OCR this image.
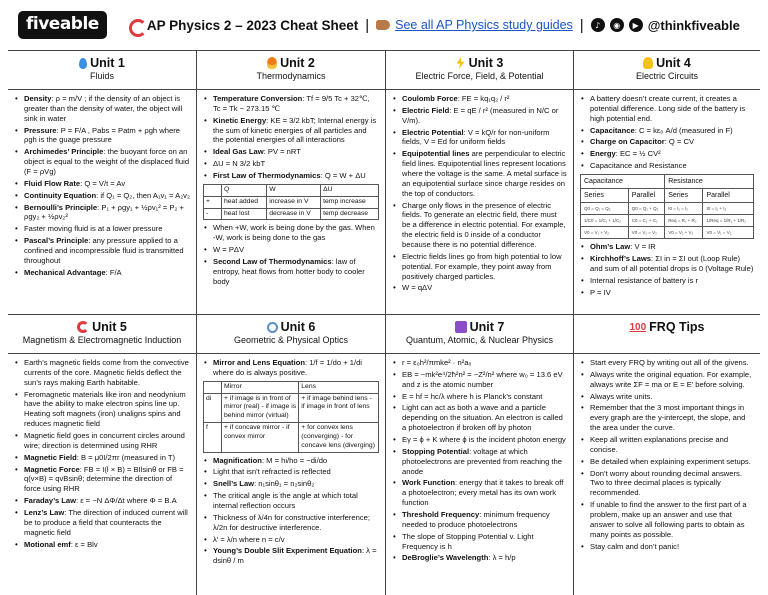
fiveable	AP Physics 2 – 2023 Cheat Sheet | See all AP Physics study guides |	♪	◉	▶ @thinkfiveable
Unit 1
Fluids
• Density: ρ = m/V ; if the density of an object is greater than the density of water, the object will sink in water
• Pressure: P = F/A , Pabs = Patm + ρgh where ρgh is the guage pressure
• Archimedes’ Principle: the buoyant force on an object is equal to the weight of the displaced fluid (F = ρVg)
• Fluid Flow Rate: Q = V/t = Av
• Continuity Equation: if Q₁ = Q₂, then A₁v₁ = A₂v₂
• Bernoulli’s Principle: P₁ + ρgy₁ + ½ρv₁² = P₂ + ρgy₂ + ½ρv₂²
• Faster moving fluid is at a lower pressure
• Pascal’s Principle: any pressure applied to a confined and incompressible fluid is transmitted throughout
• Mechanical Advantage: F/A
Unit 2
Thermodynamics
• Temperature Conversion: Tf = 9/5 Tc + 32℃, Tc = Tk − 273.15 ℃
• Kinetic Energy: KE = 3/2 kbT; Internal energy is the sum of kinetic energies of all particles and the potential energies of all interactions
• Ideal Gas Law: PV = nRT
• ΔU = N 3/2 kbT
• First Law of Thermodynamics: Q = W + ΔU
	Q	W	ΔU
+	heat added	increase in V	temp increase
-	heat lost	decrease in V	temp decrease
• When +W, work is being done by the gas. When -W, work is being done to the gas
• W = PΔV
• Second Law of Thermodynamics: law of entropy, heat flows from hotter body to cooler body
Unit 3
Electric Force, Field, & Potential
• Coulomb Force: FE = kq₁q₂ / r²
• Electric Field: E = qE / r² (measured in N/C or V/m).
• Electric Potential: V = kQ/r for non-uniform fields, V = Ed for uniform fields
• Equipotential lines are perpendicular to electric field lines. Equipotential lines represent locations where the voltage is the same. A metal surface is an equipotential surface since charge resides on the top of conductors.
• Charge only flows in the presence of electric fields. To generate an electric field, there must be a difference in electric potential. For example, the electric field is 0 inside of a conductor because there is no potential difference.
• Electric fields lines go from high potential to low potential. For example, they point away from positively charged particles.
• W = qΔV
Unit 4
Electric Circuits
• A battery doesn’t create current, it creates a potential difference. Long side of the battery is high potential end.
• Capacitance: C = kε₀ A/d (measured in F)
• Charge on Capacitor: Q = CV
• Energy: EC = ½ CV²
• Capacitance and Resistance
Capacitance		Resistance	
Series	Parallel	Series	Parallel
Q0 = Q₁ = Q₂	Q0 = Q₁ + Q₂	I0 = I₁ = I₂	I0 = I₁ + I₂
1/C0 = 1/C₁ + 1/C₂	C0 = C₁ + C₂	Req = R₁ + R₂	1/Req = 1/R₁ + 1/R₂
V0 = V₁ + V₂	V0 = V₁ = V₂	V0 = V₁ + V₂	V0 = V₁ = V₂
• Ohm’s Law: V = IR
• Kirchhoff’s Laws: ΣI in = ΣI out (Loop Rule) and sum of all potential drops is 0 (Voltage Rule)
• Internal resistance of battery is r
• P = IV
Unit 5
Magnetism & Electromagnetic Induction
• Earth’s magnetic fields come from the convective currents of the core. Magnetic fields deflect the sun’s rays making Earth habitable.
• Feromagnetic materials like iron and neodynium have the ability to make electron spins line up. Heating soft magnets (iron) unaligns spins and reduces magnetic field
• Magnetic field goes in concurrent circles around wire; direction is determined using RHR
• Magnetic Field: B = μ0I/2πr (measured in T)
• Magnetic Force: FB = I(l × B) = BIlsinθ or FB = q(v×B) = qvBsinθ; determine the direction of force using RHR
• Faraday’s Law: ε = −N ΔΦ/Δt where Φ = B.A
• Lenz’s Law: The direction of induced current will be to produce a field that counteracts the magnetic field
• Motional emf: ε = Blv
Unit 6
Geometric & Physical Optics
• Mirror and Lens Equation: 1/f = 1/do + 1/di where do is always positive.
	Mirror	Lens
di	+ if image is in front of mirror (real) - if image is behind mirror (virtual)	+ if image behind lens - if image in front of lens
f	+ if concave mirror - if convex mirror	+ for convex lens (converging) - for concave lens (diverging)
• Magnification: M = hi/ho = −di/do
• Light that isn’t refracted is reflected
• Snell’s Law: n₁sinθ₁ = n₂sinθ₂
• The critical angle is the angle at which total internal reflection occurs
• Thickness of λ/4n for constructive interference; λ/2n for destructive interference.
• λ′ = λ/n where n = c/v
• Young’s Double Slit Experiment Equation: λ = dsinθ / m
Unit 7
Quantum, Atomic, & Nuclear Physics
• r = ε₀h²/πmke² · n²a₀
• EB = −mk²e⁴/2ħ²n² = −Z²/n² where w₀ = 13.6 eV and z is the atomic number
• E = hf = hc/λ where h is Planck’s constant
• Light can act as both a wave and a particle depending on the situation. An electron is called a photoelectron if broken off by photon
• Eγ = ϕ + K where ϕ is the incident photon energy
• Stopping Potential: voltage at which photoelectrons are prevented from reaching the anode
• Work Function: energy that it takes to break off a photoelectron; every metal has its own work function
• Threshold Frequency: minimum frequency needed to produce photoelectrons
• The slope of Stopping Potential v. Light Frequency is h
• DeBroglie’s Wavelength: λ = h/p
100 FRQ Tips
• Start every FRQ by writing out all of the givens.
• Always write the original equation. For example, always write ΣF = ma or E = E′ before solving.
• Always write units.
• Remember that the 3 most important things in every graph are the y-intercept, the slope, and the area under the curve.
• Keep all written explanations precise and concise.
• Be detailed when explaining experiment setups.
• Don’t worry about rounding decimal answers. Two to three decimal places is typically recommended.
• If unable to find the answer to the first part of a problem, make up an answer and use that answer to solve all following parts to obtain as many points as possible.
• Stay calm and don’t panic!
